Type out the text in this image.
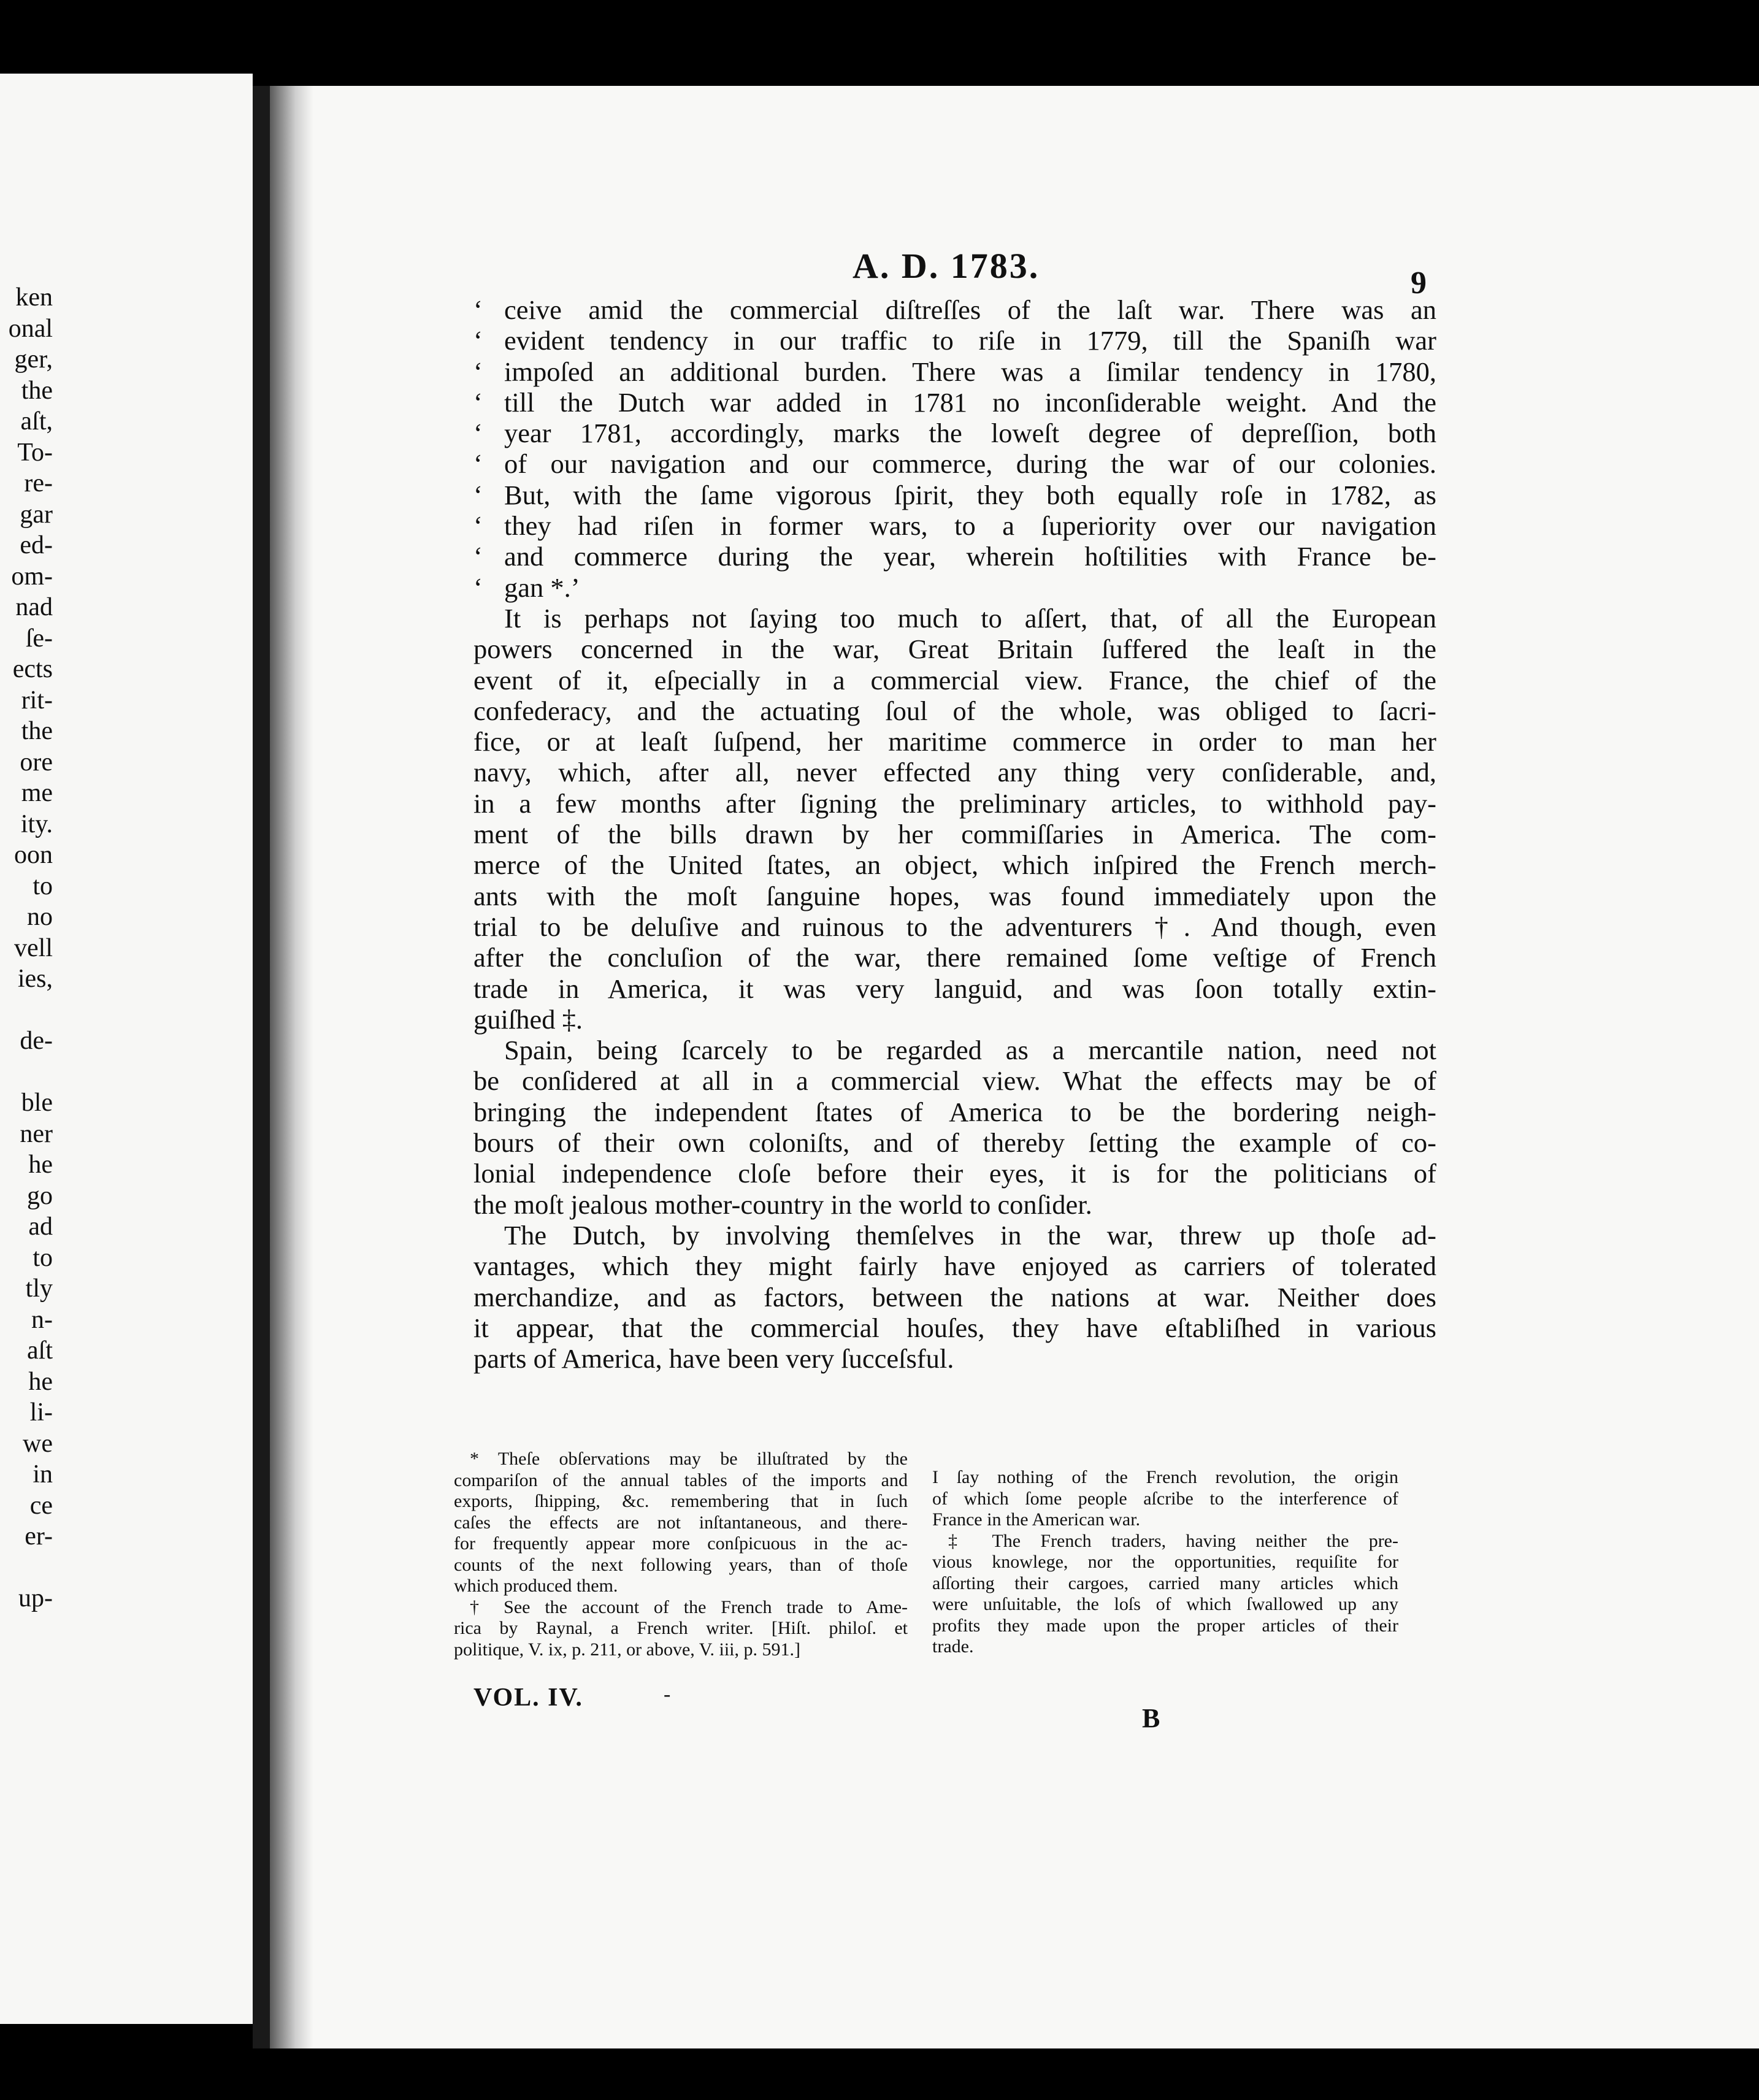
ken
onal
ger,
the
aſt,
To-
re-
gar
ed-
om-
nad
ſe-
ects
rit-
the
ore
me
ity.
oon
to
no
vell
ies,
de-
ble
ner
he
go
ad
to
tly
n-
aſt
he
li-
we
in
ce
er-
up-
A. D. 1783.	9
‘ ceive amid the commercial diſtreſſes of the laſt war. There was an
‘ evident tendency in our traffic to riſe in 1779, till the Spaniſh war
‘ impoſed an additional burden. There was a ſimilar tendency in 1780,
‘ till the Dutch war added in 1781 no inconſiderable weight. And the
‘ year 1781, accordingly, marks the loweſt degree of depreſſion, both
‘ of our navigation and our commerce, during the war of our colonies.
‘ But, with the ſame vigorous ſpirit, they both equally roſe in 1782, as
‘ they had riſen in former wars, to a ſuperiority over our navigation
‘ and commerce during the year, wherein hoſtilities with France be-
‘ gan *.’
It is perhaps not ſaying too much to aſſert, that, of all the European
powers concerned in the war, Great Britain ſuffered the leaſt in the
event of it, eſpecially in a commercial view. France, the chief of the
confederacy, and the actuating ſoul of the whole, was obliged to ſacri-
fice, or at leaſt ſuſpend, her maritime commerce in order to man her
navy, which, after all, never effected any thing very conſiderable, and,
in a few months after ſigning the preliminary articles, to withhold pay-
ment of the bills drawn by her commiſſaries in America. The com-
merce of the United ſtates, an object, which inſpired the French merch-
ants with the moſt ſanguine hopes, was found immediately upon the
trial to be deluſive and ruinous to the adventurers †. And though, even
after the concluſion of the war, there remained ſome veſtige of French
trade in America, it was very languid, and was ſoon totally extin-
guiſhed ‡.
Spain, being ſcarcely to be regarded as a mercantile nation, need not
be conſidered at all in a commercial view. What the effects may be of
bringing the independent ſtates of America to be the bordering neigh-
bours of their own coloniſts, and of thereby ſetting the example of co-
lonial independence cloſe before their eyes, it is for the politicians of
the moſt jealous mother-country in the world to conſider.
The Dutch, by involving themſelves in the war, threw up thoſe ad-
vantages, which they might fairly have enjoyed as carriers of tolerated
merchandize, and as factors, between the nations at war. Neither does
it appear, that the commercial houſes, they have eſtabliſhed in various
parts of America, have been very ſucceſsful.
* Theſe obſervations may be illuſtrated by the
compariſon of the annual tables of the imports and
exports, ſhipping, &c. remembering that in ſuch
caſes the effects are not inſtantaneous, and there-
for frequently appear more conſpicuous in the ac-
counts of the next following years, than of thoſe
which produced them.
† See the account of the French trade to Ame-
rica by Raynal, a French writer. [Hiſt. philoſ. et
politique, V. ix, p. 211, or above, V. iii, p. 591.]
I ſay nothing of the French revolution, the origin
of which ſome people aſcribe to the interference of
France in the American war.
‡ The French traders, having neither the pre-
vious knowlege, nor the opportunities, requiſite for
aſſorting their cargoes, carried many articles which
were unſuitable, the loſs of which ſwallowed up any
profits they made upon the proper articles of their
trade.
VOL. IV.	-
B
